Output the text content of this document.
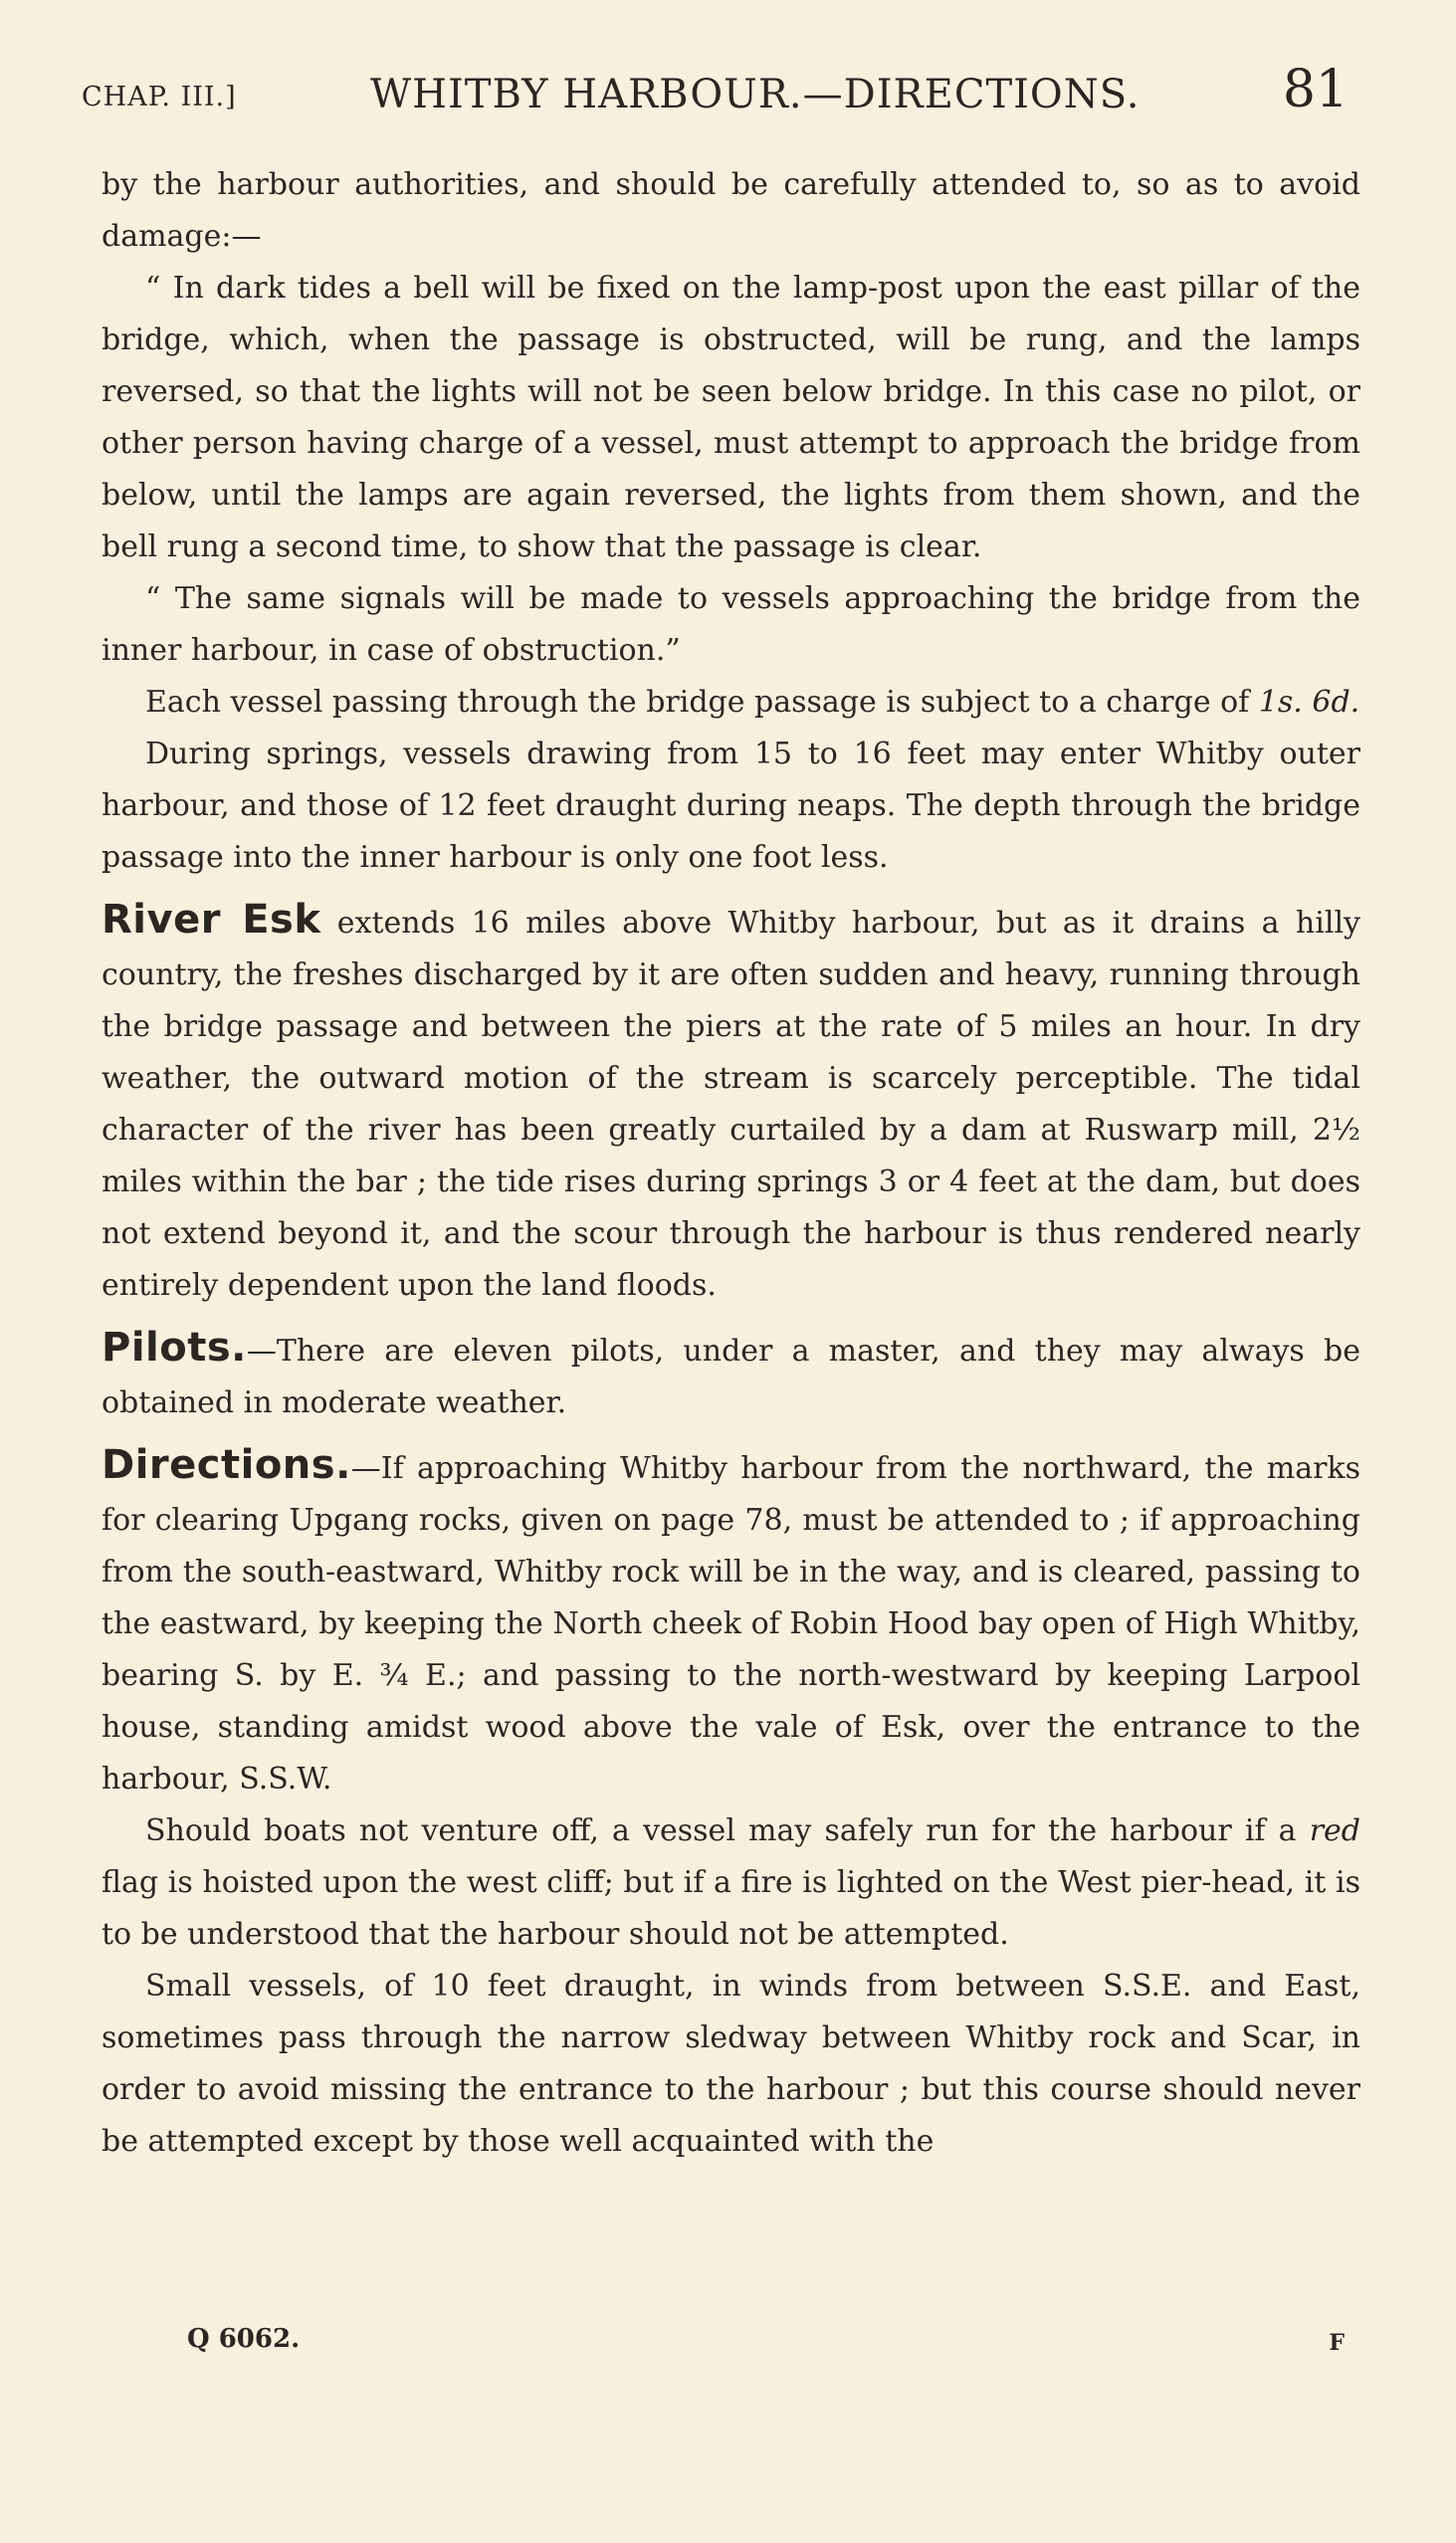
CHAP. III.]	WHITBY HARBOUR.—DIRECTIONS.	81

by the harbour authorities, and should be carefully attended to, so as to avoid damage:—

“ In dark tides a bell will be fixed on the lamp-post upon the east pillar of the bridge, which, when the passage is obstructed, will be rung, and the lamps reversed, so that the lights will not be seen below bridge. In this case no pilot, or other person having charge of a vessel, must attempt to approach the bridge from below, until the lamps are again reversed, the lights from them shown, and the bell rung a second time, to show that the passage is clear.

“ The same signals will be made to vessels approaching the bridge from the inner harbour, in case of obstruction.”

Each vessel passing through the bridge passage is subject to a charge of 1s. 6d.

During springs, vessels drawing from 15 to 16 feet may enter Whitby outer harbour, and those of 12 feet draught during neaps. The depth through the bridge passage into the inner harbour is only one foot less.

River Esk extends 16 miles above Whitby harbour, but as it drains a hilly country, the freshes discharged by it are often sudden and heavy, running through the bridge passage and between the piers at the rate of 5 miles an hour. In dry weather, the outward motion of the stream is scarcely perceptible. The tidal character of the river has been greatly curtailed by a dam at Ruswarp mill, 2½ miles within the bar ; the tide rises during springs 3 or 4 feet at the dam, but does not extend beyond it, and the scour through the harbour is thus rendered nearly entirely dependent upon the land floods.

Pilots.—There are eleven pilots, under a master, and they may always be obtained in moderate weather.

Directions.—If approaching Whitby harbour from the northward, the marks for clearing Upgang rocks, given on page 78, must be attended to ; if approaching from the south-eastward, Whitby rock will be in the way, and is cleared, passing to the eastward, by keeping the North cheek of Robin Hood bay open of High Whitby, bearing S. by E. ¾ E.; and passing to the north-westward by keeping Larpool house, standing amidst wood above the vale of Esk, over the entrance to the harbour, S.S.W.

Should boats not venture off, a vessel may safely run for the harbour if a red flag is hoisted upon the west cliff; but if a fire is lighted on the West pier-head, it is to be understood that the harbour should not be attempted.

Small vessels, of 10 feet draught, in winds from between S.S.E. and East, sometimes pass through the narrow sledway between Whitby rock and Scar, in order to avoid missing the entrance to the harbour ; but this course should never be attempted except by those well acquainted with the

Q 6062.	F
